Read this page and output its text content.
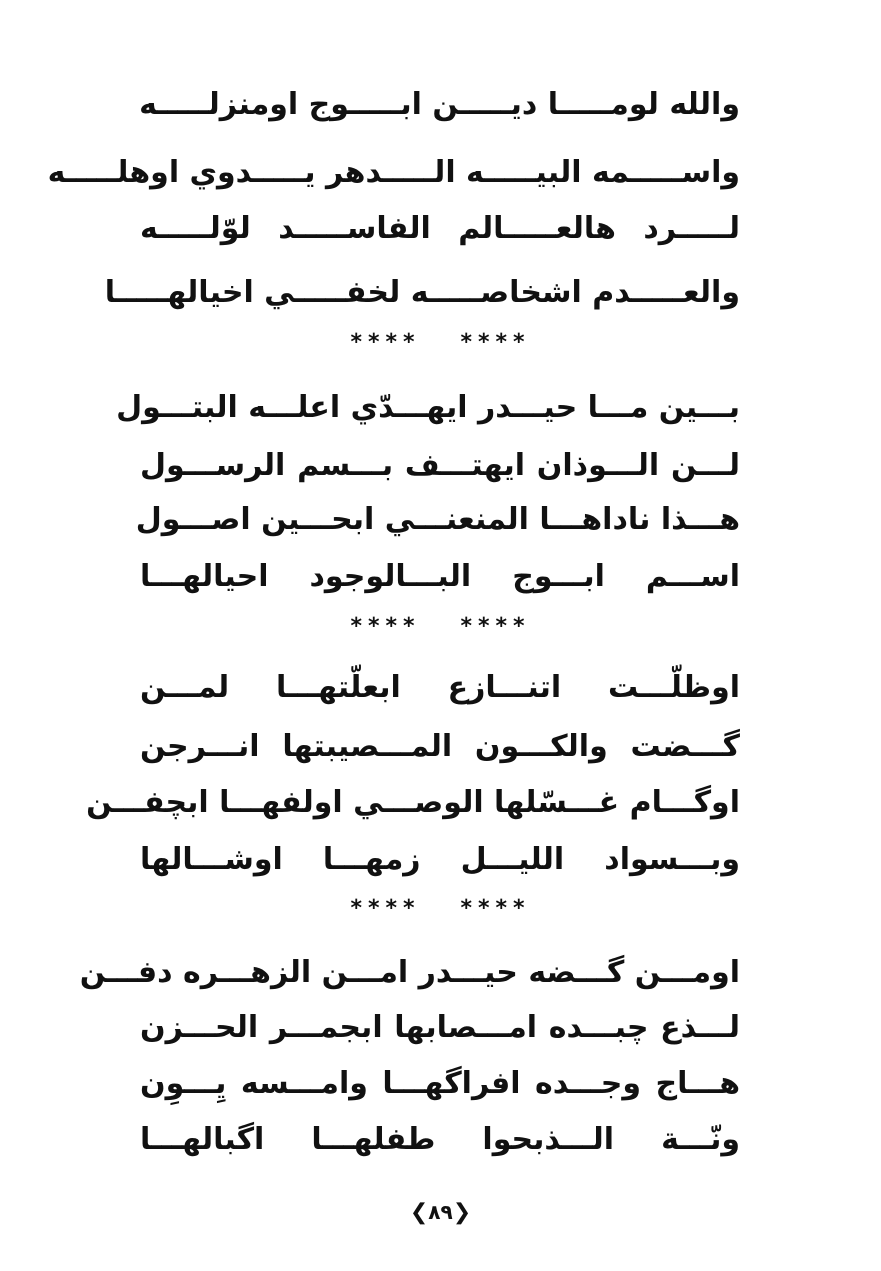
والله لومـــــا ديـــــن ابـــــوج اومنزلـــــه
واســـــمه البيـــــه الـــــدهر يـــــدوي اوهلـــــه
لـــــرد هالعـــــالم الفاســـــد لوّلـــــه
والعـــــدم اشخاصـــــه لخفـــــي اخيالهـــــا
**** ****
بـــين مـــا حيـــدر ايهـــدّي اعلـــه البتـــول
لـــن الـــوذان ايهتـــف بـــسم الرســـول
هـــذا ناداهـــا المنعنـــي ابحـــين اصـــول
اســـم ابـــوج البـــالوجود احيالهـــا
**** ****
اوظلّـــت اتنـــازع ابعلّتهـــا لمـــن
گـــضت والكـــون المـــصيبتها انـــرجن
اوگـــام غـــسّلها الوصـــي اولفهـــا ابچفـــن
وبـــسواد الليـــل زمهـــا اوشـــالها
**** ****
اومـــن گـــضه حيـــدر امـــن الزهـــره دفـــن
لـــذع چبـــده امـــصابها ابجمـــر الحـــزن
هـــاج وجـــده افراگهـــا وامـــسه يِـــوِن
ونّـــة الـــذبحوا طفلهـــا اگبالهـــا
❮٨٩❯
